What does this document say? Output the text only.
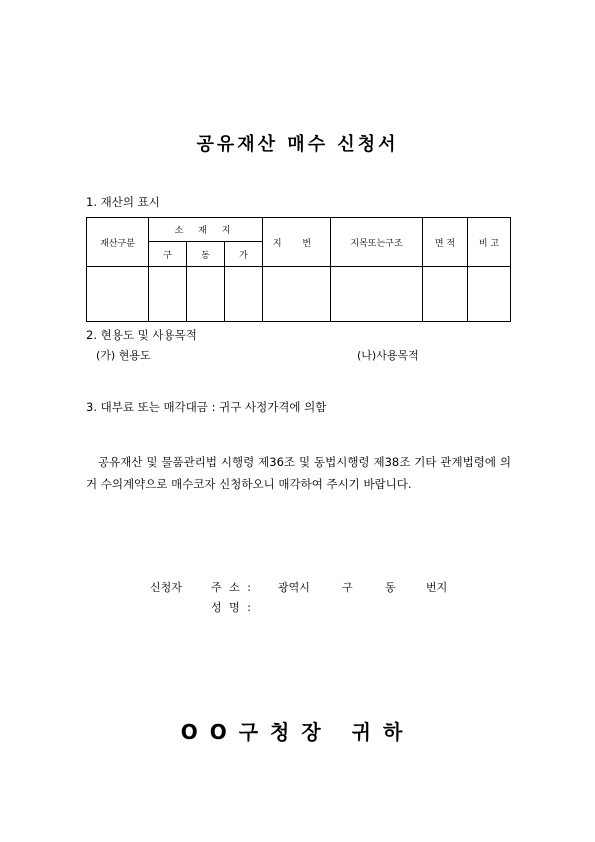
공유재산 매수 신청서
1. 재산의 표시
재산구분	소 재 지			지 번	지목또는구조	면 적	비 고
	구	동	가				

2. 현용도 및 사용목적
(가) 현용도	(나)사용목적
3. 대부료 또는 매각대금 : 귀구 사정가격에 의함
공유재산 및 물품관리법 시행령 제36조 및 동법시행령 제38조 기타 관계법령에 의거 수의계약으로 매수코자 신청하오니 매각하여 주시기 바랍니다.
신청자	주 소 : 광역시	구	동	번지
성 명 :
OO구청장 귀하
